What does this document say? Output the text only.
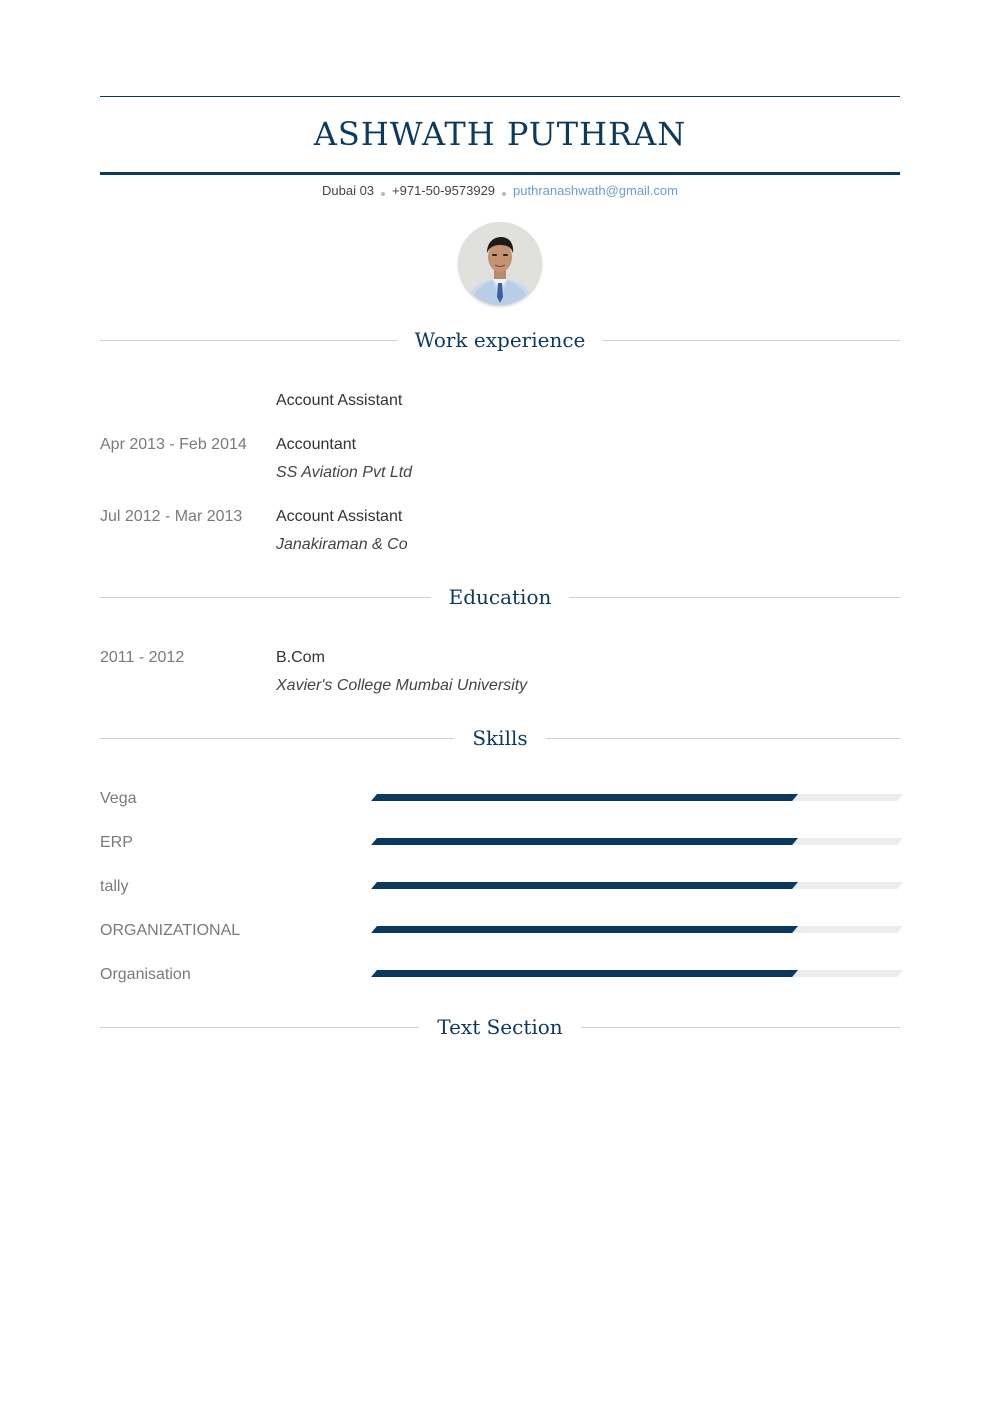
ASHWATH PUTHRAN
Dubai 03 +971-50-9573929 puthranashwath@gmail.com
Work experience
Account Assistant
Apr 2013 - Feb 2014	Accountant
SS Aviation Pvt Ltd
Jul 2012 - Mar 2013	Account Assistant
Janakiraman & Co
Education
2011 - 2012	B.Com
Xavier's College Mumbai University
Skills
Vega
ERP
tally
ORGANIZATIONAL
Organisation
Text Section
